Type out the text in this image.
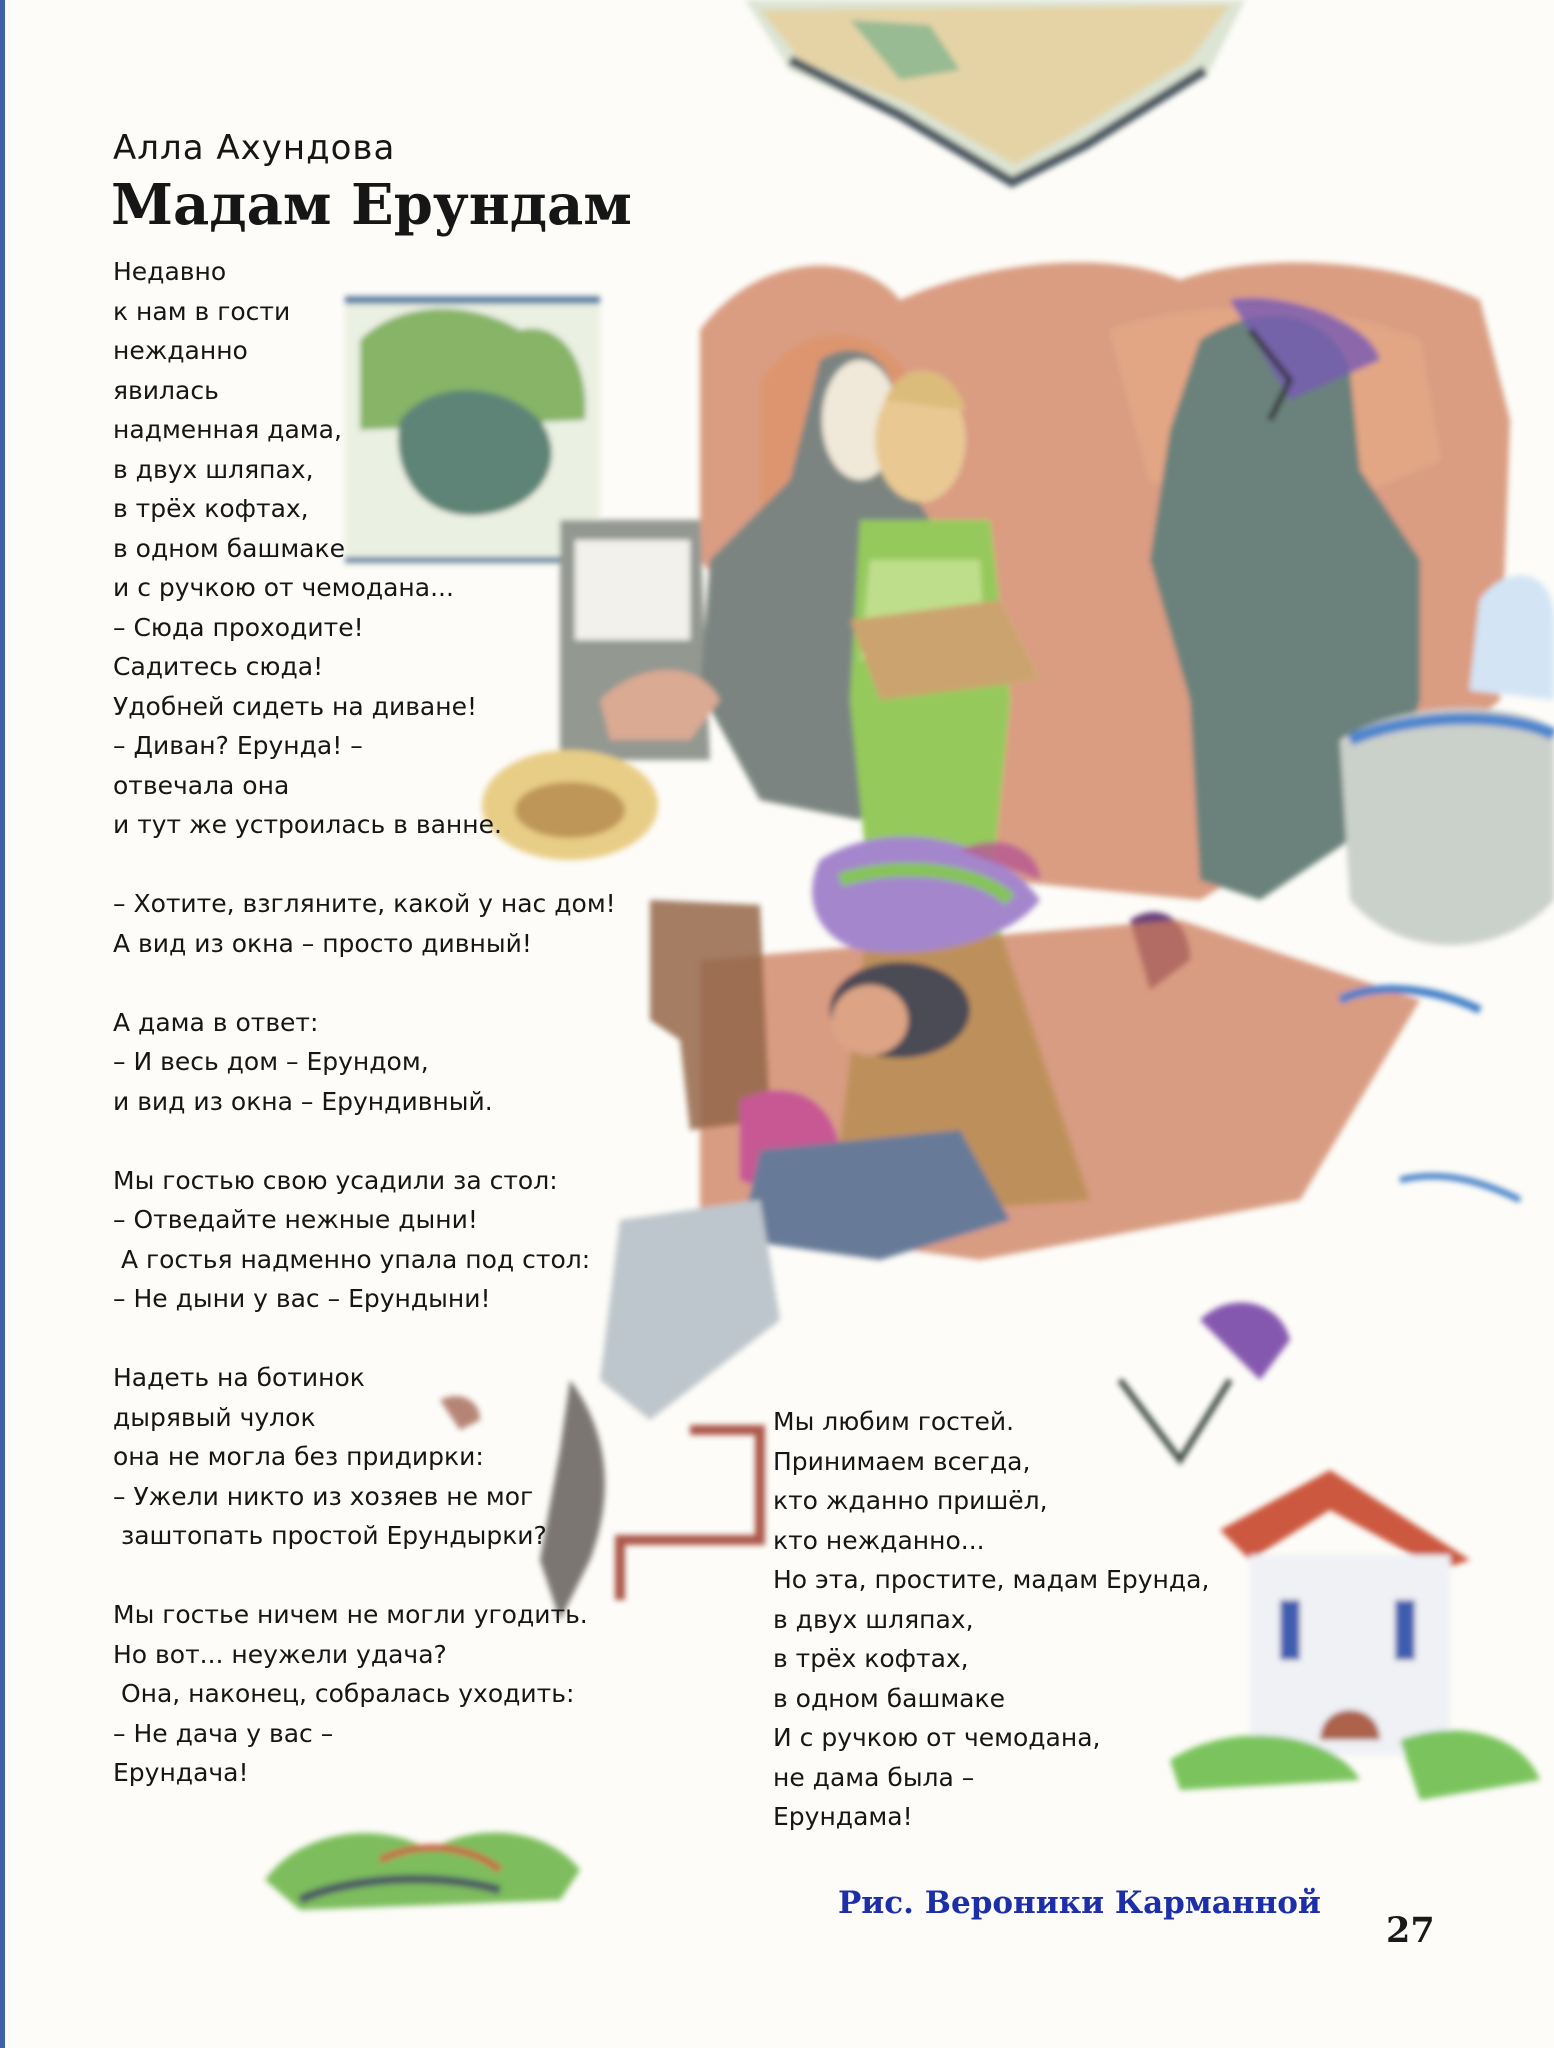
Алла Ахундова
Мадам Ерундам
Недавно
к нам в гости
нежданно
явилась
надменная дама,
в двух шляпах,
в трёх кофтах,
в одном башмаке
и с ручкою от чемодана...
– Сюда проходите!
Садитесь сюда!
Удобней сидеть на диване!
– Диван? Ерунда! –
отвечала она
и тут же устроилась в ванне.
– Хотите, взгляните, какой у нас дом!
А вид из окна – просто дивный!
А дама в ответ:
– И весь дом – Ерундом,
и вид из окна – Ерундивный.
Мы гостью свою усадили за стол:
– Отведайте нежные дыни!
А гостья надменно упала под стол:
– Не дыни у вас – Ерундыни!
Надеть на ботинок
дырявый чулок
она не могла без придирки:
– Ужели никто из хозяев не мог
заштопать простой Ерундырки?
Мы гостье ничем не могли угодить.
Но вот... неужели удача?
Она, наконец, собралась уходить:
– Не дача у вас –
Ерундача!
Мы любим гостей.
Принимаем всегда,
кто жданно пришёл,
кто нежданно...
Но эта, простите, мадам Ерунда,
в двух шляпах,
в трёх кофтах,
в одном башмаке
И с ручкою от чемодана,
не дама была –
Ерундама!
Рис. Вероники Карманной
27
